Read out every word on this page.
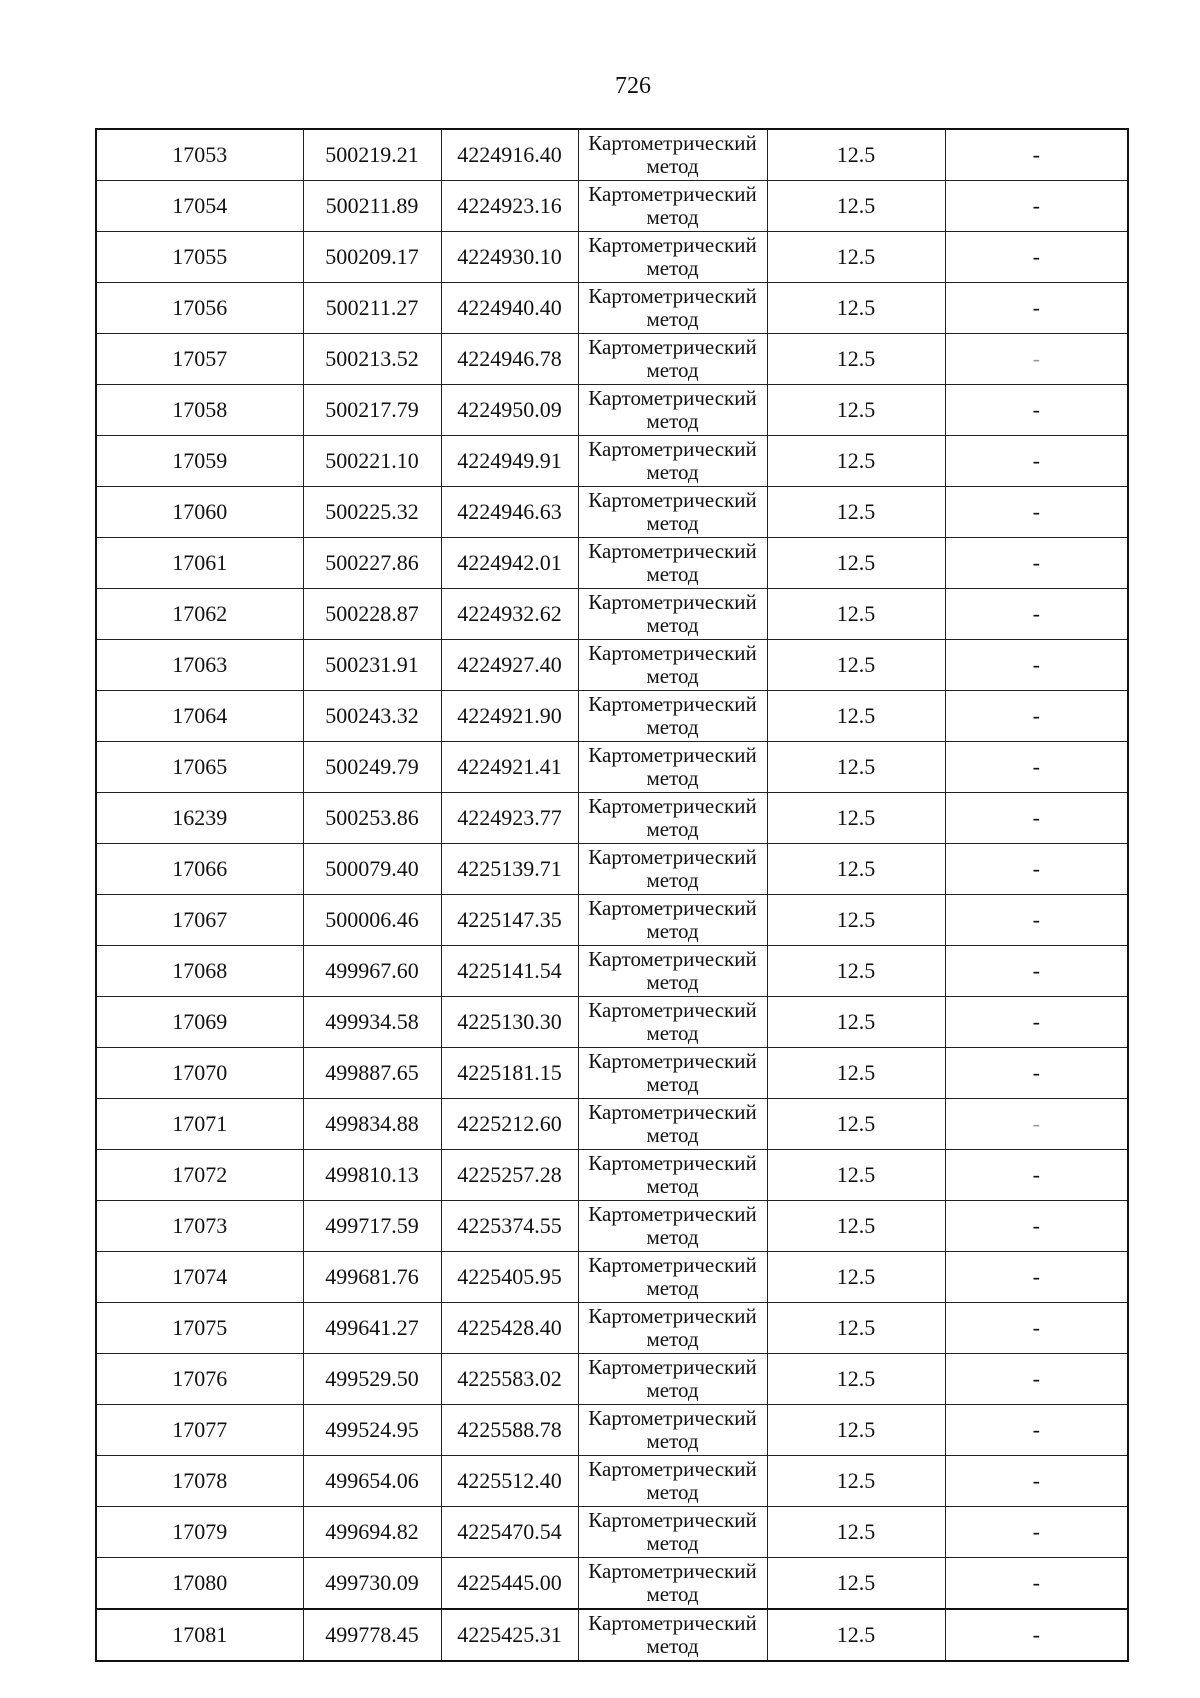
726
17053	500219.21	4224916.40	Картометрический метод	12.5	-
17054	500211.89	4224923.16	Картометрический метод	12.5	-
17055	500209.17	4224930.10	Картометрический метод	12.5	-
17056	500211.27	4224940.40	Картометрический метод	12.5	-
17057	500213.52	4224946.78	Картометрический метод	12.5	-
17058	500217.79	4224950.09	Картометрический метод	12.5	-
17059	500221.10	4224949.91	Картометрический метод	12.5	-
17060	500225.32	4224946.63	Картометрический метод	12.5	-
17061	500227.86	4224942.01	Картометрический метод	12.5	-
17062	500228.87	4224932.62	Картометрический метод	12.5	-
17063	500231.91	4224927.40	Картометрический метод	12.5	-
17064	500243.32	4224921.90	Картометрический метод	12.5	-
17065	500249.79	4224921.41	Картометрический метод	12.5	-
16239	500253.86	4224923.77	Картометрический метод	12.5	-
17066	500079.40	4225139.71	Картометрический метод	12.5	-
17067	500006.46	4225147.35	Картометрический метод	12.5	-
17068	499967.60	4225141.54	Картометрический метод	12.5	-
17069	499934.58	4225130.30	Картометрический метод	12.5	-
17070	499887.65	4225181.15	Картометрический метод	12.5	-
17071	499834.88	4225212.60	Картометрический метод	12.5	-
17072	499810.13	4225257.28	Картометрический метод	12.5	-
17073	499717.59	4225374.55	Картометрический метод	12.5	-
17074	499681.76	4225405.95	Картометрический метод	12.5	-
17075	499641.27	4225428.40	Картометрический метод	12.5	-
17076	499529.50	4225583.02	Картометрический метод	12.5	-
17077	499524.95	4225588.78	Картометрический метод	12.5	-
17078	499654.06	4225512.40	Картометрический метод	12.5	-
17079	499694.82	4225470.54	Картометрический метод	12.5	-
17080	499730.09	4225445.00	Картометрический метод	12.5	-
17081	499778.45	4225425.31	Картометрический метод	12.5	-
